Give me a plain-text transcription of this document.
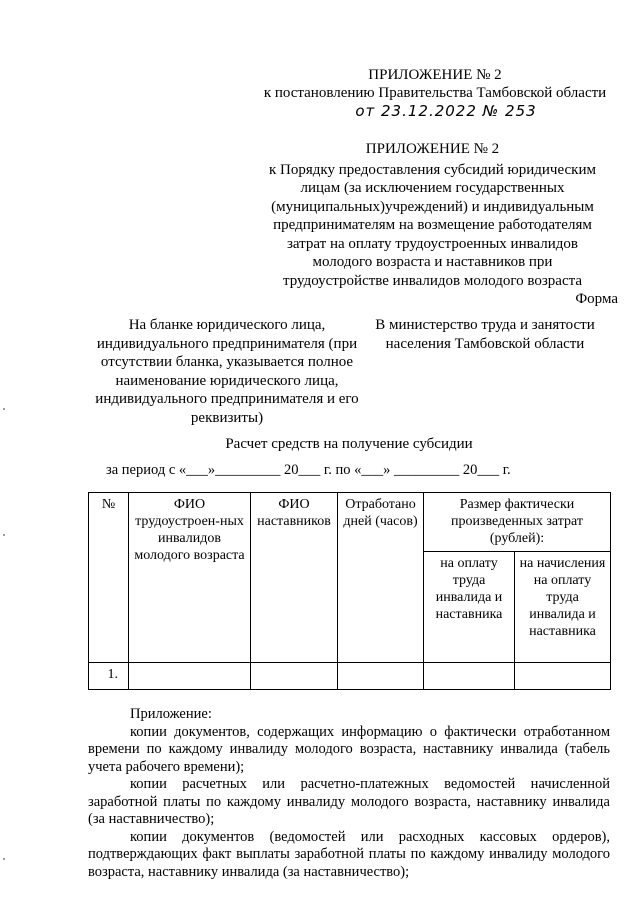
ПРИЛОЖЕНИЕ № 2
к постановлению Правительства Тамбовской области
от 23.12.2022 № 253
ПРИЛОЖЕНИЕ № 2
к Порядку предоставления субсидий юридическим
лицам (за исключением государственных
(муниципальных)учреждений) и индивидуальным
предпринимателям на возмещение работодателям
затрат на оплату трудоустроенных инвалидов
молодого возраста и наставников при
трудоустройстве инвалидов молодого возраста
Форма
На бланке юридического лица,
индивидуального предпринимателя (при
отсутствии бланка, указывается полное
наименование юридического лица,
индивидуального предпринимателя и его
реквизиты)
В министерство труда и занятости
населения Тамбовской области
Расчет средств на получение субсидии
за период с «___»_________ 20___ г. по «___» _________ 20___ г.
№	ФИО трудоустроен-ных инвалидов молодого возраста	ФИО наставников	Отработано дней (часов)	Размер фактически произведенных затрат (рублей):	
				на оплату труда инвалида и наставника	на начисления на оплату труда инвалида и наставника
1.					

Приложение:

копии документов, содержащих информацию о фактически отработанном времени по каждому инвалиду молодого возраста, наставнику инвалида (табель учета рабочего времени);

копии расчетных или расчетно-платежных ведомостей начисленной заработной платы по каждому инвалиду молодого возраста, наставнику инвалида (за наставничество);

копии документов (ведомостей или расходных кассовых ордеров), подтверждающих факт выплаты заработной платы по каждому инвалиду молодого возраста, наставнику инвалида (за наставничество);
